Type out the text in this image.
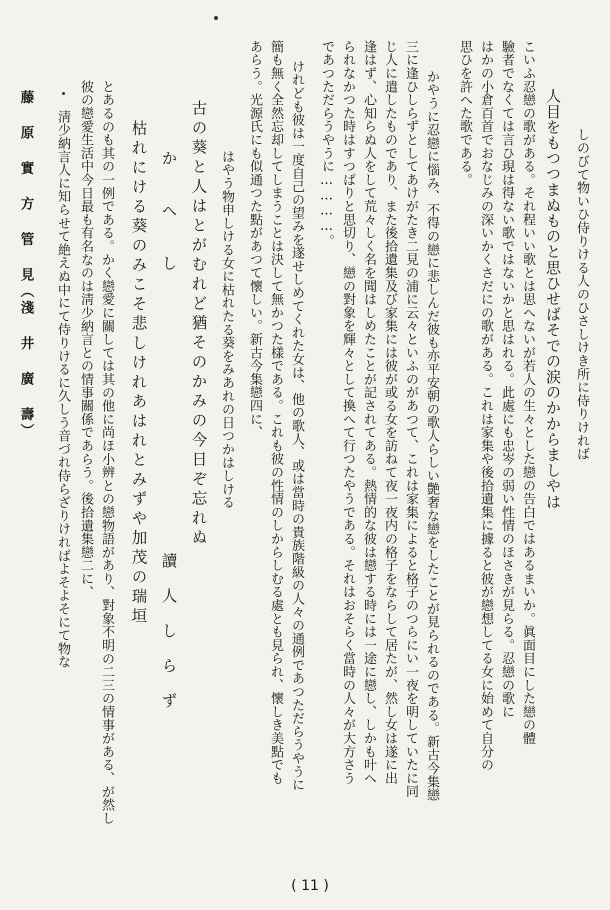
しのびて物いひ侍りける人のひさしけき所に侍りければ
人目をもつつまぬものと思ひせばそでの涙のかからましやは
こいふ忍戀の歌がある。それ程いい歌とは思へないが若人の生々とした戀の告白ではあるまいか。眞面目にした戀の體
驗者でなくては言ひ現は得ない歌ではないかと思はれる。此處にも忠岑の弱い性情のほさきが見らる。忍戀の歌に
はかの小倉百首でおなじみの深いかくさだにの歌がある。これは家集や後拾遺集に據ると彼が戀想してる女に始めて自分の
思ひを許へた歌である。
かやうに忍戀に惱み、不得の戀に悲しんだ彼も亦平安朝の歌人らしい艶奢な戀をしたことが見られるのである。新古今集戀
三に逢ひしらずとしてあけがたき二見の浦に云々といふのがあつて、これは家集によると格子のつらにい一夜を明していたに同
じ人に遣したものであり、また後拾遺集及び家集には彼が或る女を訪ねて夜一夜内の格子をならして居たが、然し女は遂に出
逢はず、心知らぬ人をして荒々しく名を聞はしめたことが記されてある。熱情的な彼は戀する時には一途に戀し、しかも叶へ
られなかつた時はすつぱりと思切り、戀の對象を輝々として換へて行つたやうである。それはおそらく當時の人々が大方さう
であつただらうやうに…………。
けれども彼は一度自己の望みを遂せしめてくれた女は、他の歌人、或は當時の貴族階級の人々の通例であつただらうやうに
簡も無く全然忘却してしまうことは決して無かつた樣である。これも彼の性情のしからしむる處とも見られ、懷しき美點でも
あらう。光源氏にも似通つた點があつて懷しい。新古今集戀四に、
はやう物申しける女に枯れたる葵をみあれの日つかはしける
古の葵と人はとがむれど猶そのかみの今日ぞ忘れぬ
か　　へ　　し　　　　　　　　　　　　　　　　讀　人　し　ら　ず
枯れにける葵のみこそ悲しけれあはれとみずや加茂の瑞垣
とあるのも其の一例である。かく戀愛に關しては其の他に尚ほ小辨との戀物語があり、對象不明の二三の情事がある、が然し
彼の戀愛生活中今日最も有名なのは淸少納言との情事關係であらう。後拾遺集戀二に、
淸少納言人に知らせて絶えぬ中にて侍りけるに久しう音づれ侍らざりければよそよそにて物な
藤 原 實 方 管 見（淺 井 廣 壽）
( 11 )
